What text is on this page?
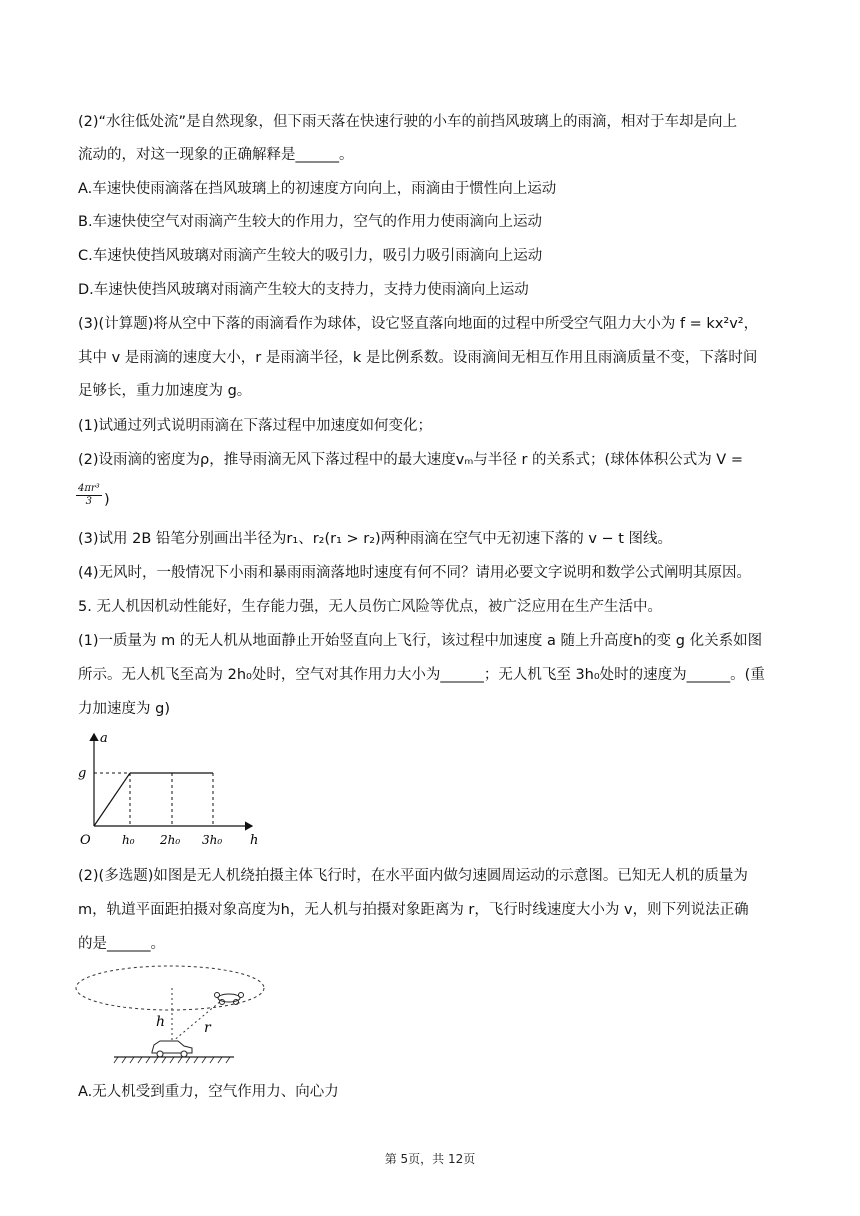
(2)“水往低处流”是自然现象，但下雨天落在快速行驶的小车的前挡风玻璃上的雨滴，相对于车却是向上
流动的，对这一现象的正确解释是______。
A.车速快使雨滴落在挡风玻璃上的初速度方向向上，雨滴由于惯性向上运动
B.车速快使空气对雨滴产生较大的作用力，空气的作用力使雨滴向上运动
C.车速快使挡风玻璃对雨滴产生较大的吸引力，吸引力吸引雨滴向上运动
D.车速快使挡风玻璃对雨滴产生较大的支持力，支持力使雨滴向上运动
(3)(计算题)将从空中下落的雨滴看作为球体，设它竖直落向地面的过程中所受空气阻力大小为 f = kx²v²，
其中 v 是雨滴的速度大小，r 是雨滴半径，k 是比例系数。设雨滴间无相互作用且雨滴质量不变，下落时间
足够长，重力加速度为 g。
(1)试通过列式说明雨滴在下落过程中加速度如何变化；
(2)设雨滴的密度为ρ，推导雨滴无风下落过程中的最大速度vₘ与半径 r 的关系式；(球体体积公式为 V =
$\frac{\text{4πr³}}{3}$ )
(3)试用 2B 铅笔分别画出半径为r₁、r₂(r₁ > r₂)两种雨滴在空气中无初速下落的 v − t 图线。
(4)无风时，一般情况下小雨和暴雨雨滴落地时速度有何不同？请用必要文字说明和数学公式阐明其原因。
5. 无人机因机动性能好，生存能力强，无人员伤亡风险等优点，被广泛应用在生产生活中。
(1)一质量为 m 的无人机从地面静止开始竖直向上飞行，该过程中加速度 a 随上升高度h的变 g 化关系如图
所示。无人机飞至高为 2h₀处时，空气对其作用力大小为______；无人机飞至 3h₀处时的速度为______。(重
力加速度为 g)
a
g
O	h₀ 2h₀ 3h₀ h
(2)(多选题)如图是无人机绕拍摄主体飞行时，在水平面内做匀速圆周运动的示意图。已知无人机的质量为
m，轨道平面距拍摄对象高度为h，无人机与拍摄对象距离为 r，飞行时线速度大小为 v，则下列说法正确
的是______。
h	r
A.无人机受到重力，空气作用力、向心力
第 5页，共 12页
